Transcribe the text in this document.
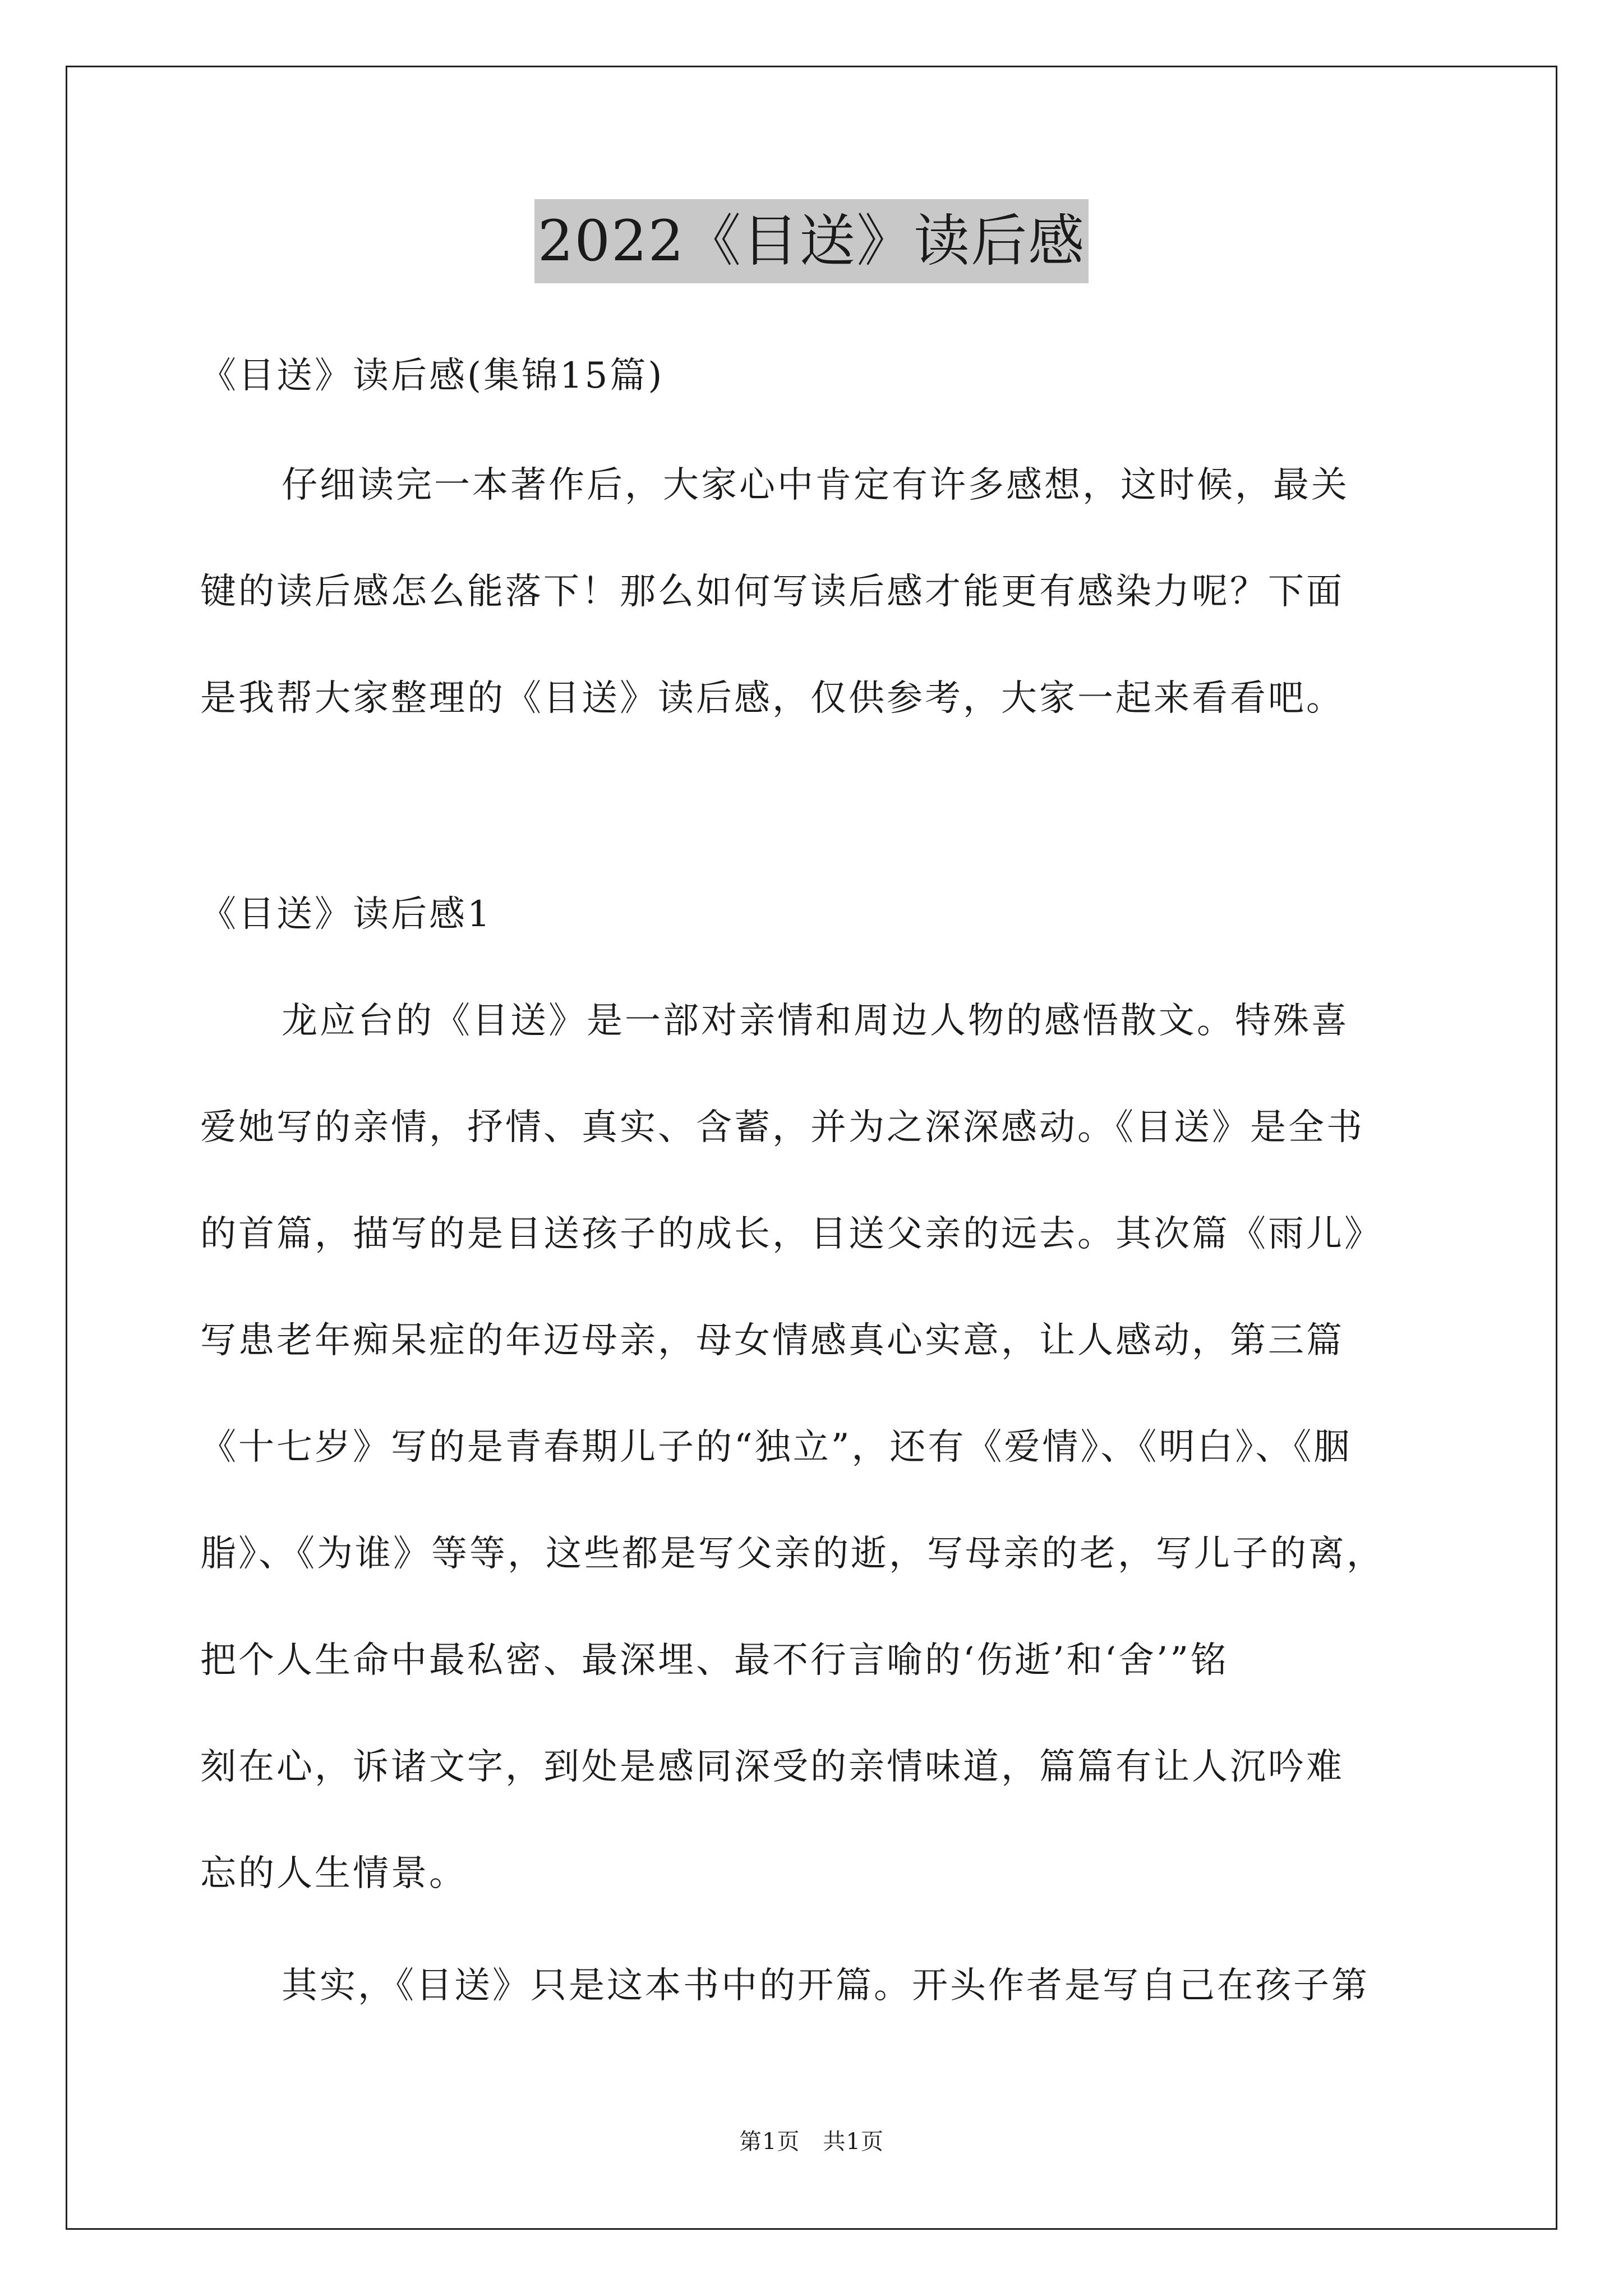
2022《目送》读后感
《目送》读后感(集锦15篇)
仔细读完一本著作后，大家心中肯定有许多感想，这时候，最关
键的读后感怎么能落下！那么如何写读后感才能更有感染力呢？下面
是我帮大家整理的《目送》读后感，仅供参考，大家一起来看看吧。
《目送》读后感1
龙应台的《目送》是一部对亲情和周边人物的感悟散文。特殊喜
爱她写的亲情，抒情、真实、含蓄，并为之深深感动。《目送》是全书
的首篇，描写的是目送孩子的成长，目送父亲的远去。其次篇《雨儿》
写患老年痴呆症的年迈母亲，母女情感真心实意，让人感动，第三篇
《十七岁》写的是青春期儿子的“独立”，还有《爱情》、《明白》、《胭
脂》、《为谁》等等，这些都是写父亲的逝，写母亲的老，写儿子的离，
把个人生命中最私密、最深埋、最不行言喻的‘伤逝’和‘舍’”铭
刻在心，诉诸文字，到处是感同深受的亲情味道，篇篇有让人沉吟难
忘的人生情景。
其实，《目送》只是这本书中的开篇。开头作者是写自己在孩子第
第1页　共1页
